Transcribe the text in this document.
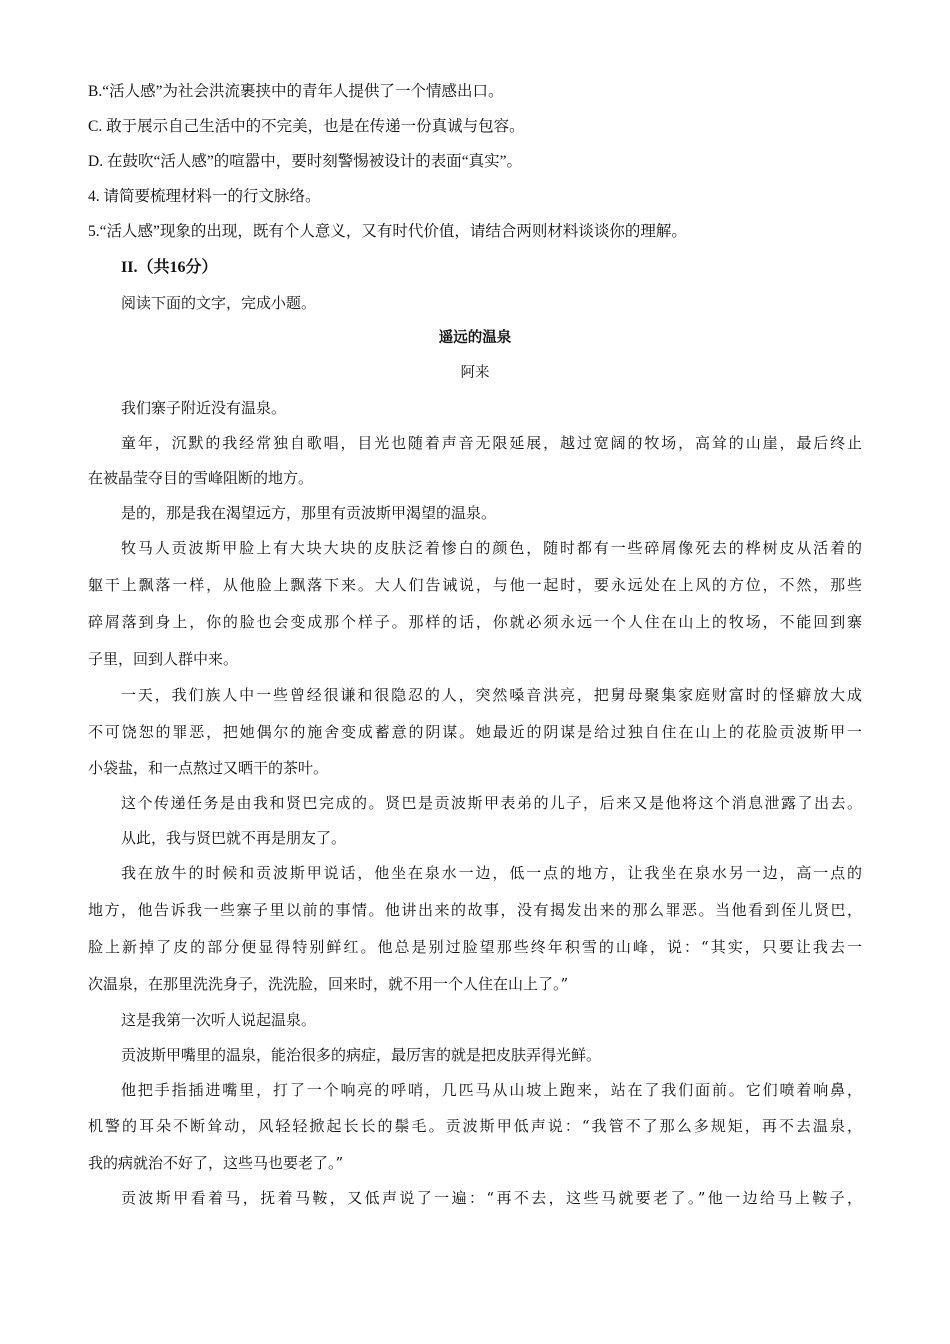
B.“活人感”为社会洪流裹挟中的青年人提供了一个情感出口。
C. 敢于展示自己生活中的不完美，也是在传递一份真诚与包容。
D. 在鼓吹“活人感”的喧嚣中，要时刻警惕被设计的表面“真实”。
4. 请简要梳理材料一的行文脉络。
5.“活人感”现象的出现，既有个人意义，又有时代价值，请结合两则材料谈谈你的理解。
II.（共16分）
阅读下面的文字，完成小题。
遥远的温泉
阿来
我们寨子附近没有温泉。
童年，沉默的我经常独自歌唱，目光也随着声音无限延展，越过宽阔的牧场，高耸的山崖，最后终止
在被晶莹夺目的雪峰阻断的地方。
是的，那是我在渴望远方，那里有贡波斯甲渴望的温泉。
牧马人贡波斯甲脸上有大块大块的皮肤泛着惨白的颜色，随时都有一些碎屑像死去的桦树皮从活着的
躯干上飘落一样，从他脸上飘落下来。大人们告诫说，与他一起时，要永远处在上风的方位，不然，那些
碎屑落到身上，你的脸也会变成那个样子。那样的话，你就必须永远一个人住在山上的牧场，不能回到寨
子里，回到人群中来。
一天，我们族人中一些曾经很谦和很隐忍的人，突然嗓音洪亮，把舅母聚集家庭财富时的怪癖放大成
不可饶恕的罪恶，把她偶尔的施舍变成蓄意的阴谋。她最近的阴谋是给过独自住在山上的花脸贡波斯甲一
小袋盐，和一点熬过又晒干的茶叶。
这个传递任务是由我和贤巴完成的。贤巴是贡波斯甲表弟的儿子，后来又是他将这个消息泄露了出去。
从此，我与贤巴就不再是朋友了。
我在放牛的时候和贡波斯甲说话，他坐在泉水一边，低一点的地方，让我坐在泉水另一边，高一点的
地方，他告诉我一些寨子里以前的事情。他讲出来的故事，没有揭发出来的那么罪恶。当他看到侄儿贤巴，
脸上新掉了皮的部分便显得特别鲜红。他总是别过脸望那些终年积雪的山峰，说：“其实，只要让我去一
次温泉，在那里洗洗身子，洗洗脸，回来时，就不用一个人住在山上了。”
这是我第一次听人说起温泉。
贡波斯甲嘴里的温泉，能治很多的病症，最厉害的就是把皮肤弄得光鲜。
他把手指插进嘴里，打了一个响亮的呼哨，几匹马从山坡上跑来，站在了我们面前。它们喷着响鼻，
机警的耳朵不断耸动，风轻轻掀起长长的鬃毛。贡波斯甲低声说：“我管不了那么多规矩，再不去温泉，
我的病就治不好了，这些马也要老了。”
贡波斯甲看着马，抚着马鞍，又低声说了一遍：“再不去，这些马就要老了。”他一边给马上鞍子，
